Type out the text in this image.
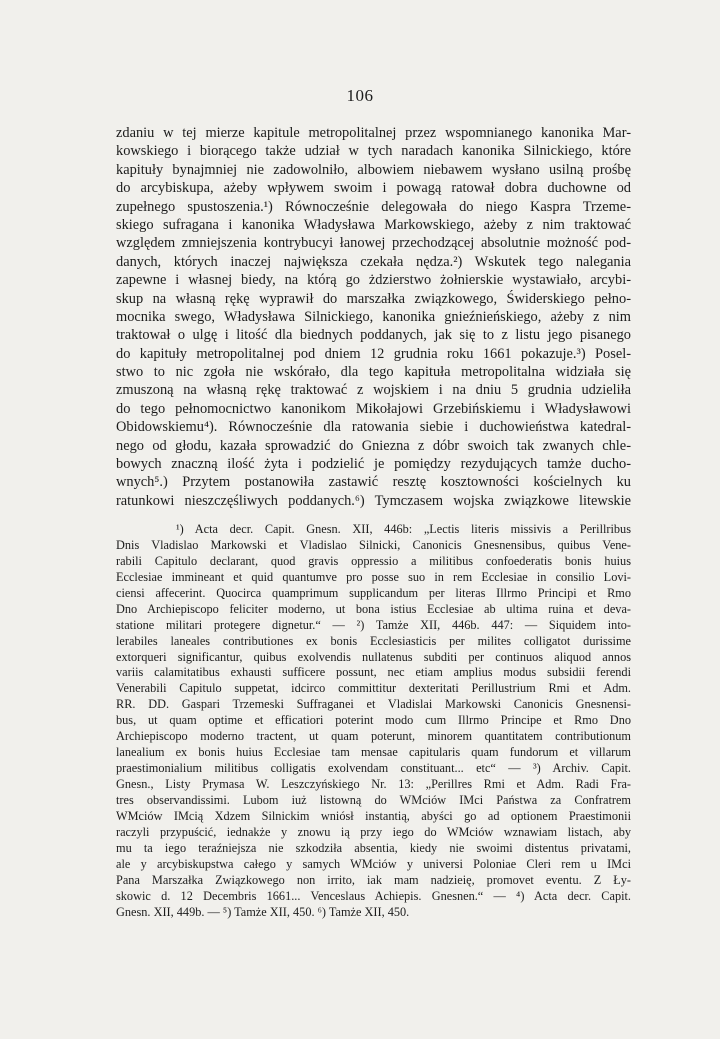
106
zdaniu w tej mierze kapitule metropolitalnej przez wspomnianego kanonika Mar-
kowskiego i biorącego także udział w tych naradach kanonika Silnickiego, które
kapituły bynajmniej nie zadowolniło, albowiem niebawem wysłano usilną prośbę
do arcybiskupa, ażeby wpływem swoim i powagą ratował dobra duchowne od
zupełnego spustoszenia.¹) Równocześnie delegowała do niego Kaspra Trzeme-
skiego sufragana i kanonika Władysława Markowskiego, ażeby z nim traktować
względem zmniejszenia kontrybucyi łanowej przechodzącej absolutnie możność pod-
danych, których inaczej największa czekała nędza.²) Wskutek tego nalegania
zapewne i własnej biedy, na którą go żdzierstwo żołnierskie wystawiało, arcybi-
skup na własną rękę wyprawił do marszałka związkowego, Świderskiego pełno-
mocnika swego, Władysława Silnickiego, kanonika gnieźnieńskiego, ażeby z nim
traktował o ulgę i litość dla biednych poddanych, jak się to z listu jego pisanego
do kapituły metropolitalnej pod dniem 12 grudnia roku 1661 pokazuje.³) Posel-
stwo to nic zgoła nie wskórało, dla tego kapituła metropolitalna widziała się
zmuszoną na własną rękę traktować z wojskiem i na dniu 5 grudnia udzieliła
do tego pełnomocnictwo kanonikom Mikołajowi Grzebińskiemu i Władysławowi
Obidowskiemu⁴). Równocześnie dla ratowania siebie i duchowieństwa katedral-
nego od głodu, kazała sprowadzić do Gniezna z dóbr swoich tak zwanych chle-
bowych znaczną ilość żyta i podzielić je pomiędzy rezydujących tamże ducho-
wnych⁵.) Przytem postanowiła zastawić resztę kosztowności kościelnych ku
ratunkowi nieszczęśliwych poddanych.⁶) Tymczasem wojska związkowe litewskie
¹) Acta decr. Capit. Gnesn. XII, 446b: „Lectis literis missivis a Perillribus
Dnis Vladislao Markowski et Vladislao Silnicki, Canonicis Gnesnensibus, quibus Vene-
rabili Capitulo declarant, quod gravis oppressio a militibus confoederatis bonis huius
Ecclesiae immineant et quid quantumve pro posse suo in rem Ecclesiae in consilio Lovi-
ciensi affecerint. Quocirca quamprimum supplicandum per literas Illrmo Principi et Rmo
Dno Archiepiscopo feliciter moderno, ut bona istius Ecclesiae ab ultima ruina et deva-
statione militari protegere dignetur.“ — ²) Tamże XII, 446b. 447: — Siquidem into-
lerabiles laneales contributiones ex bonis Ecclesiasticis per milites colligatot durissime
extorqueri significantur, quibus exolvendis nullatenus subditi per continuos aliquod annos
variis calamitatibus exhausti sufficere possunt, nec etiam amplius modus subsidii ferendi
Venerabili Capitulo suppetat, idcirco committitur dexteritati Perillustrium Rmi et Adm.
RR. DD. Gaspari Trzemeski Suffraganei et Vladislai Markowski Canonicis Gnesnensi-
bus, ut quam optime et efficatiori poterint modo cum Illrmo Principe et Rmo Dno
Archiepiscopo moderno tractent, ut quam poterunt, minorem quantitatem contributionum
lanealium ex bonis huius Ecclesiae tam mensae capitularis quam fundorum et villarum
praestimonialium militibus colligatis exolvendam constituant... etc“ — ³) Archiv. Capit.
Gnesn., Listy Prymasa W. Leszczyńskiego Nr. 13: „Perillres Rmi et Adm. Radi Fra-
tres observandissimi. Lubom iuż listowną do WMciów IMci Państwa za Confratrem
WMciów IMcią Xdzem Silnickim wniósł instantią, abyści go ad optionem Praestimonii
raczyli przypuścić, iednakże y znowu ią przy iego do WMciów wznawiam listach, aby
mu ta iego teraźniejsza nie szkodziła absentia, kiedy nie swoimi distentus privatami,
ale y arcybiskupstwa całego y samych WMciów y universi Poloniae Cleri rem u IMci
Pana Marszałka Związkowego non irrito, iak mam nadzieię, promovet eventu. Z Ły-
skowic d. 12 Decembris 1661... Venceslaus Achiepis. Gnesnen.“ — ⁴) Acta decr. Capit.
Gnesn. XII, 449b. — ⁵) Tamże XII, 450. ⁶) Tamże XII, 450.
